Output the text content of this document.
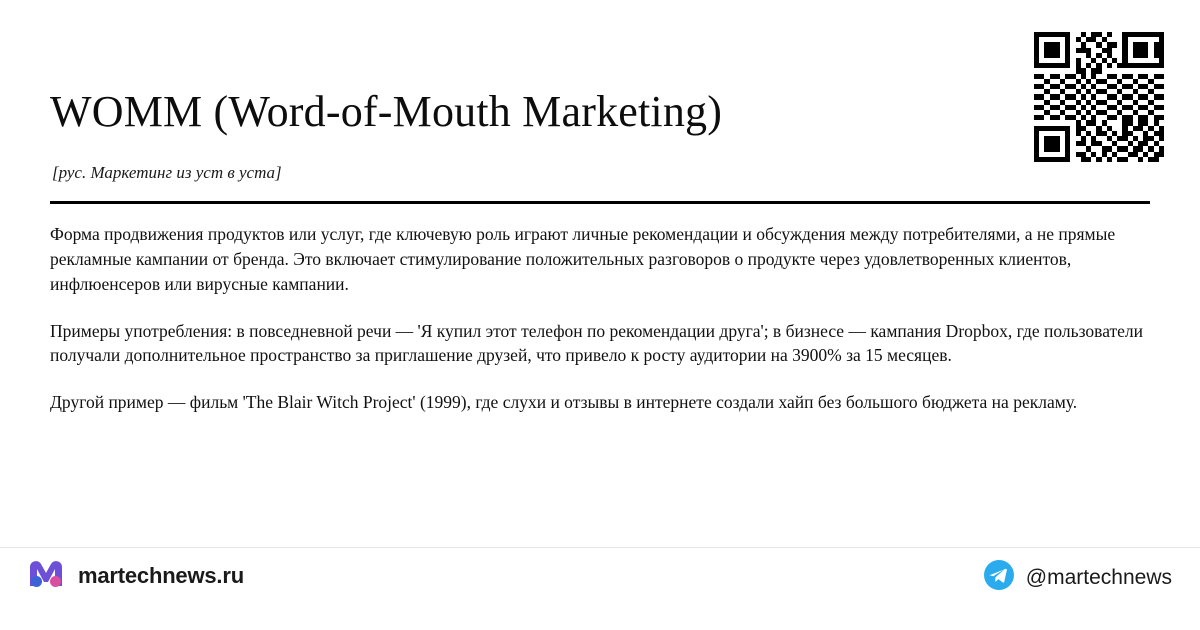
WOMM (Word-of-Mouth Marketing)
[рус. Маркетинг из уст в уста]

Форма продвижения продуктов или услуг, где ключевую роль играют личные рекомендации и обсуждения между потребителями, а не прямые рекламные кампании от бренда. Это включает стимулирование положительных разговоров о продукте через удовлетворенных клиентов, инфлюенсеров или вирусные кампании.

Примеры употребления: в повседневной речи — 'Я купил этот телефон по рекомендации друга'; в бизнесе — кампания Dropbox, где пользователи получали дополнительное пространство за приглашение друзей, что привело к росту аудитории на 3900% за 15 месяцев.

Другой пример — фильм 'The Blair Witch Project' (1999), где слухи и отзывы в интернете создали хайп без большого бюджета на рекламу.

martechnews.ru	@martechnews
